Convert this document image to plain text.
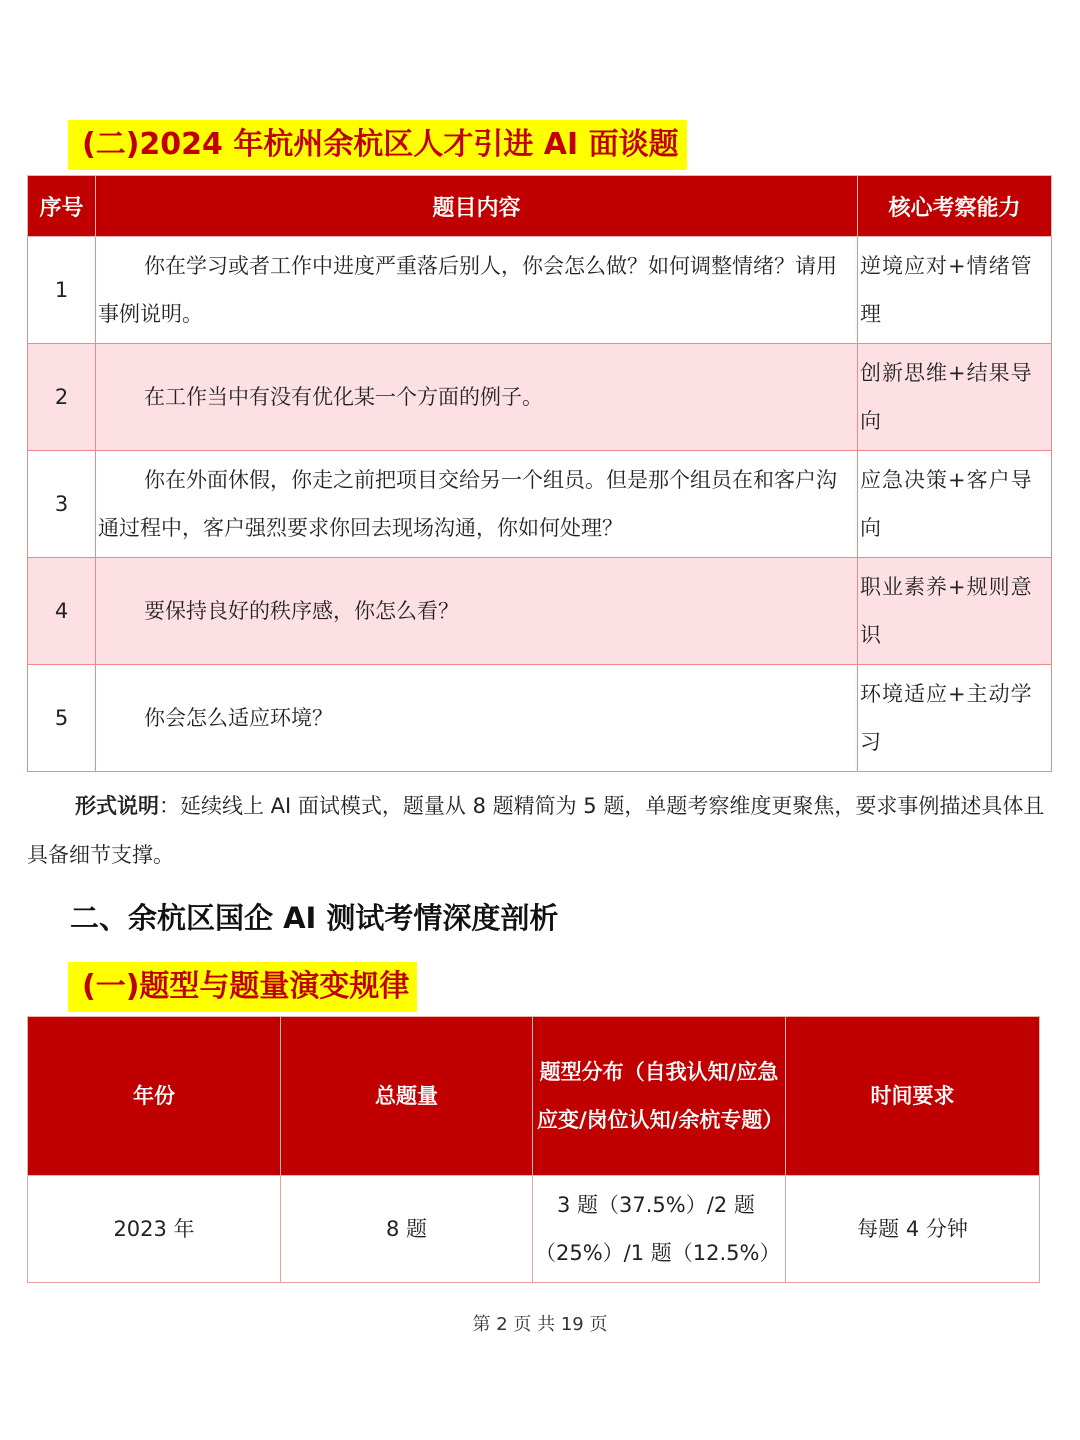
(二)2024 年杭州余杭区人才引进 AI 面谈题
序号	题目内容	核心考察能力
1	你在学习或者工作中进度严重落后别人，你会怎么做？如何调整情绪？请用事例说明。	逆境应对+情绪管理
2	在工作当中有没有优化某一个方面的例子。	创新思维+结果导向
3	你在外面休假，你走之前把项目交给另一个组员。但是那个组员在和客户沟通过程中，客户强烈要求你回去现场沟通，你如何处理？	应急决策+客户导向
4	要保持良好的秩序感，你怎么看？	职业素养+规则意识
5	你会怎么适应环境？	环境适应+主动学习
形式说明：延续线上 AI 面试模式，题量从 8 题精简为 5 题，单题考察维度更聚焦，要求事例描述具体且具备细节支撑。
二、余杭区国企 AI 测试考情深度剖析
(一)题型与题量演变规律
年份	总题量	题型分布（自我认知/应急应变/岗位认知/余杭专题）	时间要求
2023 年	8 题	3 题（37.5%）/2 题（25%）/1 题（12.5%）	每题 4 分钟
第 2 页 共 19 页
